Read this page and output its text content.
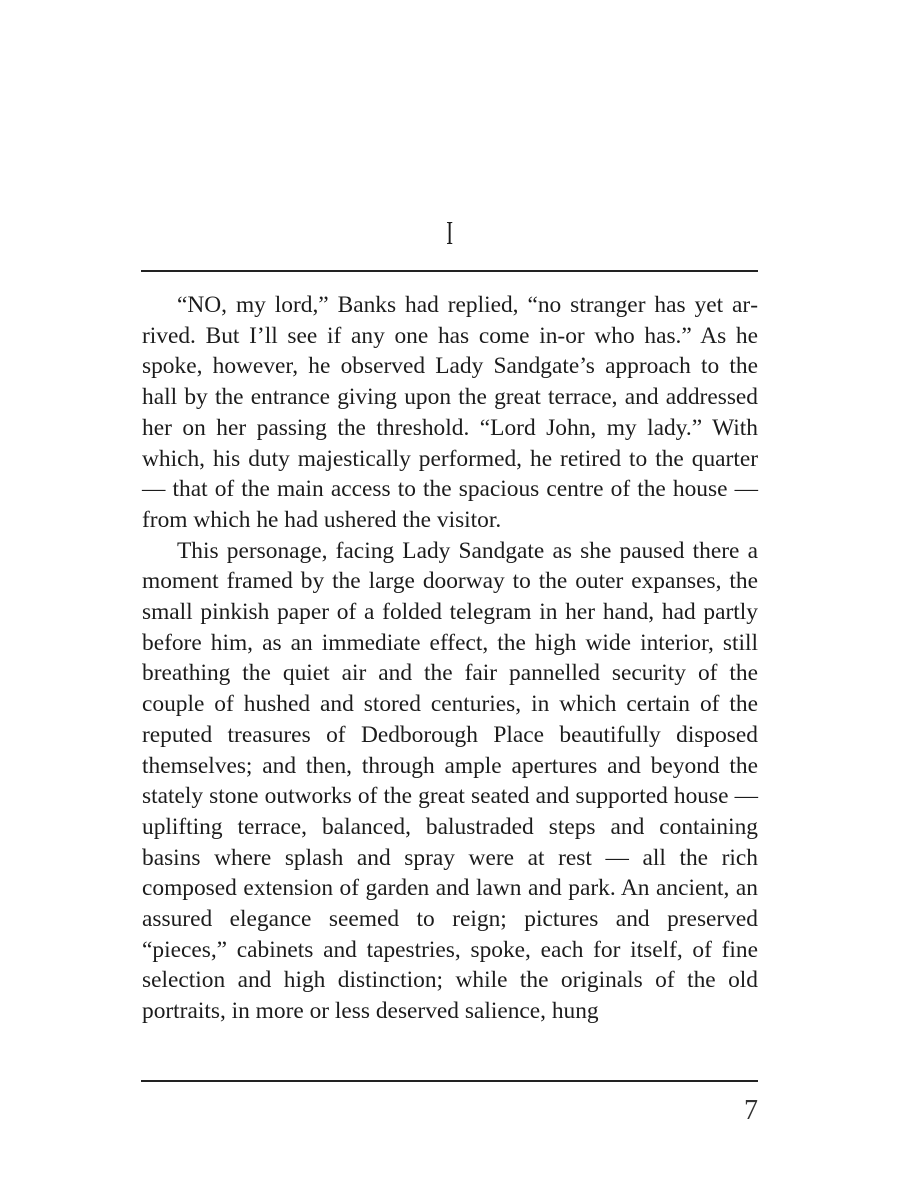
I

“NO, my lord,” Banks had replied, “no stranger has yet arrived. But I’ll see if any one has come in-or who has.” As he spoke, however, he observed Lady Sandgate’s approach to the hall by the entrance giving upon the great terrace, and addressed her on her passing the threshold. “Lord John, my lady.” With which, his duty majestically performed, he retired to the quarter — that of the main access to the spacious centre of the house — from which he had ushered the visitor.

This personage, facing Lady Sandgate as she paused there a moment framed by the large doorway to the outer expanses, the small pinkish paper of a folded telegram in her hand, had partly before him, as an immediate effect, the high wide interior, still breathing the quiet air and the fair pannelled security of the couple of hushed and stored centuries, in which certain of the reputed treasures of Dedborough Place beautifully disposed themselves; and then, through ample apertures and beyond the stately stone outworks of the great seated and supported house — uplifting terrace, balanced, balustraded steps and containing basins where splash and spray were at rest — all the rich composed extension of garden and lawn and park. An ancient, an assured elegance seemed to reign; pictures and preserved “pieces,” cabinets and tapestries, spoke, each for itself, of fine selection and high distinction; while the originals of the old portraits, in more or less deserved salience, hung

7
